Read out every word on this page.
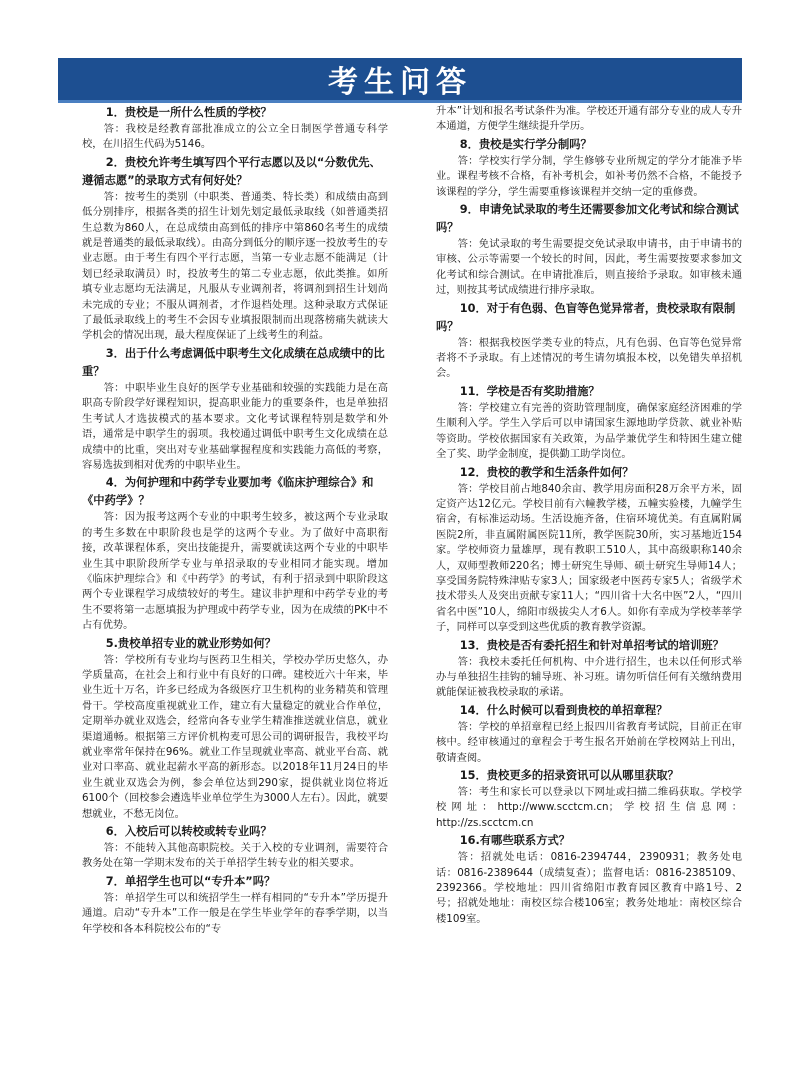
考生问答

1．贵校是一所什么性质的学校？

答：我校是经教育部批准成立的公立全日制医学普通专科学校，在川招生代码为5146。

2．贵校允许考生填写四个平行志愿以及以“分数优先、遵循志愿”的录取方式有何好处？

答：按考生的类别（中职类、普通类、特长类）和成绩由高到低分别排序，根据各类的招生计划先划定最低录取线（如普通类招生总数为860人，在总成绩由高到低的排序中第860名考生的成绩就是普通类的最低录取线）。由高分到低分的顺序逐一投放考生的专业志愿。由于考生有四个平行志愿，当第一专业志愿不能满足（计划已经录取满员）时，投放考生的第二专业志愿，依此类推。如所填专业志愿均无法满足，凡服从专业调剂者，将调剂到招生计划尚未完成的专业；不服从调剂者，才作退档处理。这种录取方式保证了最低录取线上的考生不会因专业填报限制而出现落榜痛失就读大学机会的情况出现，最大程度保证了上线考生的利益。

3．出于什么考虑调低中职考生文化成绩在总成绩中的比重？

答：中职毕业生良好的医学专业基础和较强的实践能力是在高职高专阶段学好课程知识，提高职业能力的重要条件，也是单独招生考试人才选拔模式的基本要求。文化考试课程特别是数学和外语，通常是中职学生的弱项。我校通过调低中职考生文化成绩在总成绩中的比重，突出对专业基础掌握程度和实践能力高低的考察，容易选拔到相对优秀的中职毕业生。

4．为何护理和中药学专业要加考《临床护理综合》和《中药学》？

答：因为报考这两个专业的中职考生较多，被这两个专业录取的考生多数在中职阶段也是学的这两个专业。为了做好中高职衔接，改革课程体系，突出技能提升，需要就读这两个专业的中职毕业生其中职阶段所学专业与单招录取的专业相同才能实现。增加《临床护理综合》和《中药学》的考试，有利于招录到中职阶段这两个专业课程学习成绩较好的考生。建议非护理和中药学专业的考生不要将第一志愿填报为护理或中药学专业，因为在成绩的PK中不占有优势。

5.贵校单招专业的就业形势如何？

答：学校所有专业均与医药卫生相关，学校办学历史悠久，办学质量高，在社会上和行业中有良好的口碑。建校近六十年来，毕业生近十万名，许多已经成为各级医疗卫生机构的业务精英和管理骨干。学校高度重视就业工作，建立有大量稳定的就业合作单位，定期举办就业双选会，经常向各专业学生精准推送就业信息，就业渠道通畅。根据第三方评价机构麦可思公司的调研报告，我校平均就业率常年保持在96%。就业工作呈现就业率高、就业平台高、就业对口率高、就业起薪水平高的新形态。以2018年11月24日的毕业生就业双选会为例，参会单位达到290家，提供就业岗位将近6100个（回校参会遴选毕业单位学生为3000人左右）。因此，就要想就业，不愁无岗位。

6．入校后可以转校或转专业吗？

答：不能转入其他高职院校。关于入校的专业调剂，需要符合教务处在第一学期末发布的关于单招学生转专业的相关要求。

7．单招学生也可以“专升本”吗？

答：单招学生可以和统招学生一样有相同的“专升本”学历提升通道。启动“专升本”工作一般是在学生毕业学年的春季学期，以当年学校和各本科院校公布的“专

升本”计划和报名考试条件为准。学校还开通有部分专业的成人专升本通道，方便学生继续提升学历。

8．贵校是实行学分制吗？

答：学校实行学分制，学生修够专业所规定的学分才能准予毕业。课程考核不合格，有补考机会，如补考仍然不合格，不能授予该课程的学分，学生需要重修该课程并交纳一定的重修费。

9．申请免试录取的考生还需要参加文化考试和综合测试吗？

答：免试录取的考生需要提交免试录取申请书，由于申请书的审核、公示等需要一个较长的时间，因此，考生需要按要求参加文化考试和综合测试。在申请批准后，则直接给予录取。如审核未通过，则按其考试成绩进行排序录取。

10．对于有色弱、色盲等色觉异常者，贵校录取有限制吗？

答：根据我校医学类专业的特点，凡有色弱、色盲等色觉异常者将不予录取。有上述情况的考生请勿填报本校，以免错失单招机会。

11．学校是否有奖助措施？

答：学校建立有完善的资助管理制度，确保家庭经济困难的学生顺利入学。学生入学后可以申请国家生源地助学贷款、就业补贴等资助。学校依据国家有关政策，为品学兼优学生和特困生建立健全了奖、助学金制度，提供勤工助学岗位。

12．贵校的教学和生活条件如何？

答：学校目前占地840余亩、教学用房面积28万余平方米，固定资产达12亿元。学校目前有六幢教学楼，五幢实验楼，九幢学生宿舍，有标准运动场。生活设施齐备，住宿环境优美。有直属附属医院2所，非直属附属医院11所，教学医院30所，实习基地近154家。学校师资力量雄厚，现有教职工510人，其中高级职称140余人，双师型教师220名；博士研究生导师、硕士研究生导师14人；享受国务院特殊津贴专家3人；国家级老中医药专家5人；省级学术技术带头人及突出贡献专家11人；“四川省十大名中医”2人，“四川省名中医”10人，绵阳市级拔尖人才6人。如你有幸成为学校莘莘学子，同样可以享受到这些优质的教育教学资源。

13．贵校是否有委托招生和针对单招考试的培训班？

答：我校未委托任何机构、中介进行招生，也未以任何形式举办与单独招生挂钩的辅导班、补习班。请勿听信任何有关缴纳费用就能保证被我校录取的承诺。

14．什么时候可以看到贵校的单招章程？

答：学校的单招章程已经上报四川省教育考试院，目前正在审核中。经审核通过的章程会于考生报名开始前在学校网站上刊出，敬请查阅。

15．贵校更多的招录资讯可以从哪里获取？

答：考生和家长可以登录以下网址或扫描二维码获取。学校学校网址：http://www.scctcm.cn；学校招生信息网：http://zs.scctcm.cn

16.有哪些联系方式？

答：招就处电话：0816-2394744，2390931；教务处电话：0816-2389644（成绩复查）；监督电话：0816-2385109、2392366。学校地址：四川省绵阳市教育园区教育中路1号、2号；招就处地址：南校区综合楼106室；教务处地址：南校区综合楼109室。
